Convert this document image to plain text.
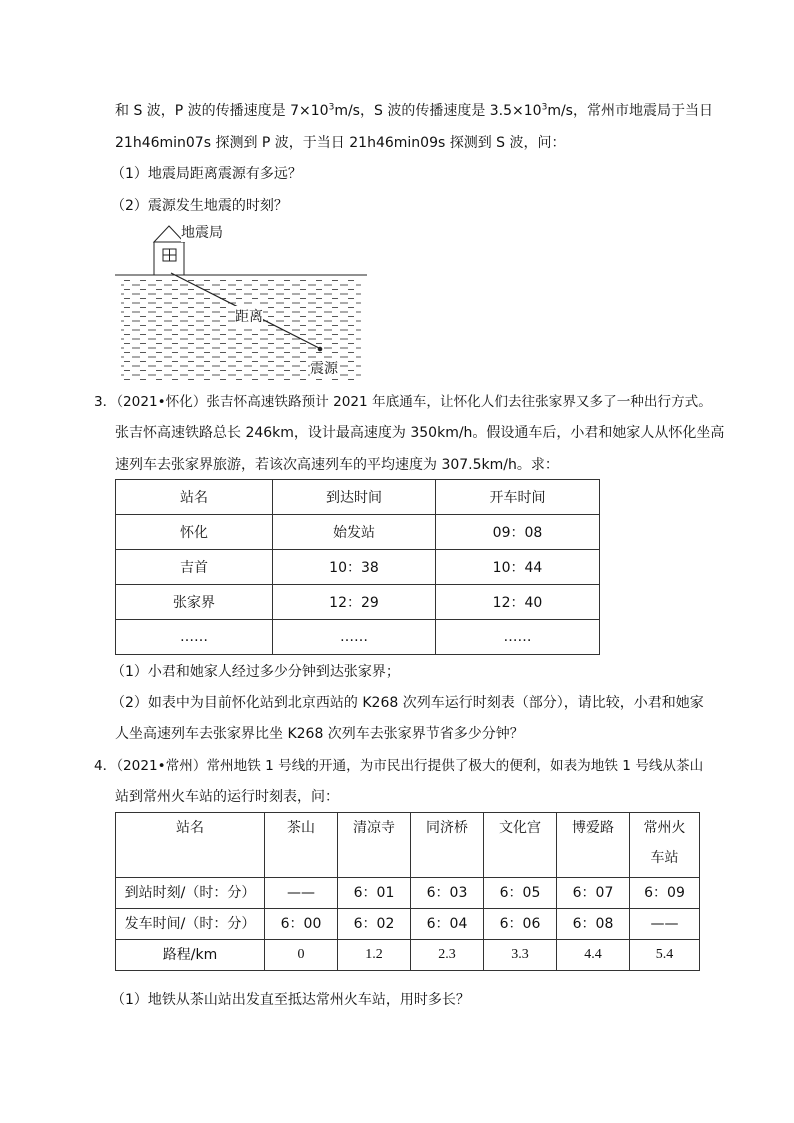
和 S 波，P 波的传播速度是 $7\times 10^3m/s$，S 波的传播速度是 $3.5\times 10^3m/s$，常州市地震局于当日
21h46min07s 探测到 P 波，于当日 21h46min09s 探测到 S 波，问：
（1）地震局距离震源有多远？
（2）震源发生地震的时刻？
地震局
距离
震源
3．（2021•怀化）张吉怀高速铁路预计 2021 年底通车，让怀化人们去往张家界又多了一种出行方式。
张吉怀高速铁路总长 246km，设计最高速度为 350km/h。假设通车后，小君和她家人从怀化坐高
速列车去张家界旅游，若该次高速列车的平均速度为 307.5km/h。求：
站名	到达时间	开车时间
怀化	始发站	09：08
吉首	10：38	10：44
张家界	12：29	12：40
……	……	……
（1）小君和她家人经过多少分钟到达张家界；
（2）如表中为目前怀化站到北京西站的 K268 次列车运行时刻表（部分），请比较，小君和她家
人坐高速列车去张家界比坐 K268 次列车去张家界节省多少分钟？
4．（2021•常州）常州地铁 1 号线的开通，为市民出行提供了极大的便利，如表为地铁 1 号线从茶山
站到常州火车站的运行时刻表，问：
站名	茶山	清凉寺	同济桥	文化宫	博爱路	常州火车站
到站时刻/（时：分）	——	6：01	6：03	6：05	6：07	6：09
发车时间/（时：分）	6：00	6：02	6：04	6：06	6：08	——
路程/km	0	1.2	2.3	3.3	4.4	5.4
（1）地铁从茶山站出发直至抵达常州火车站，用时多长？
